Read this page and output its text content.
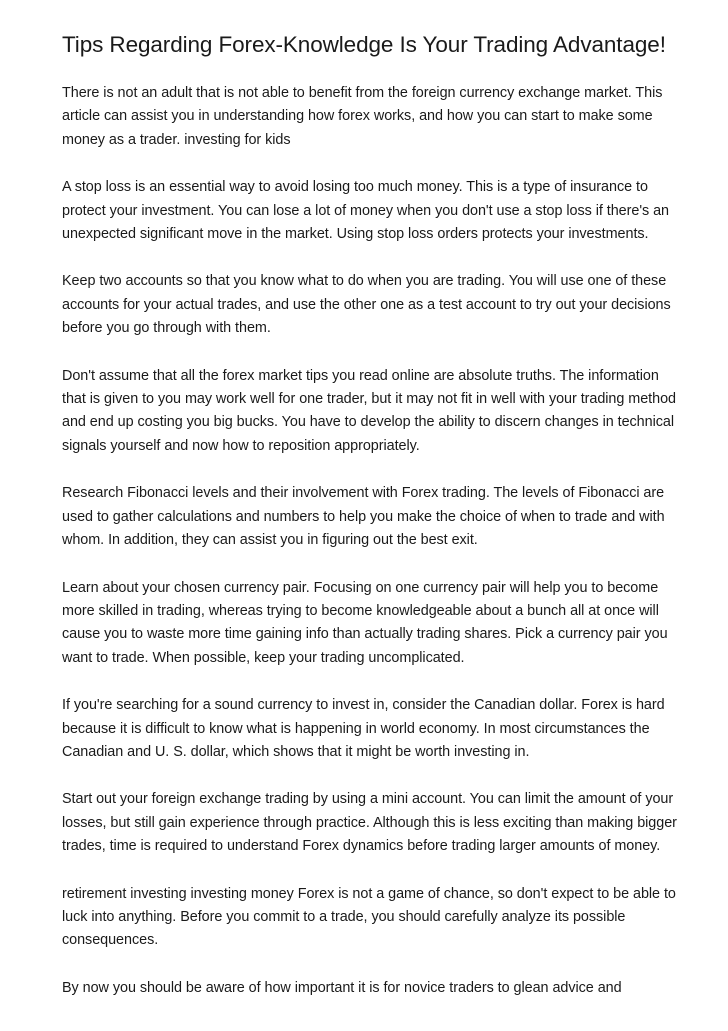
Tips Regarding Forex-Knowledge Is Your Trading Advantage!

There is not an adult that is not able to benefit from the foreign currency exchange market. This article can assist you in understanding how forex works, and how you can start to make some money as a trader. investing for kids

A stop loss is an essential way to avoid losing too much money. This is a type of insurance to protect your investment. You can lose a lot of money when you don't use a stop loss if there's an unexpected significant move in the market. Using stop loss orders protects your investments.

Keep two accounts so that you know what to do when you are trading. You will use one of these accounts for your actual trades, and use the other one as a test account to try out your decisions before you go through with them.

Don't assume that all the forex market tips you read online are absolute truths. The information that is given to you may work well for one trader, but it may not fit in well with your trading method and end up costing you big bucks. You have to develop the ability to discern changes in technical signals yourself and now how to reposition appropriately.

Research Fibonacci levels and their involvement with Forex trading. The levels of Fibonacci are used to gather calculations and numbers to help you make the choice of when to trade and with whom. In addition, they can assist you in figuring out the best exit.

Learn about your chosen currency pair. Focusing on one currency pair will help you to become more skilled in trading, whereas trying to become knowledgeable about a bunch all at once will cause you to waste more time gaining info than actually trading shares. Pick a currency pair you want to trade. When possible, keep your trading uncomplicated.

If you're searching for a sound currency to invest in, consider the Canadian dollar. Forex is hard because it is difficult to know what is happening in world economy. In most circumstances the Canadian and U. S. dollar, which shows that it might be worth investing in.

Start out your foreign exchange trading by using a mini account. You can limit the amount of your losses, but still gain experience through practice. Although this is less exciting than making bigger trades, time is required to understand Forex dynamics before trading larger amounts of money.

retirement investing investing money Forex is not a game of chance, so don't expect to be able to luck into anything. Before you commit to a trade, you should carefully analyze its possible consequences.

By now you should be aware of how important it is for novice traders to glean advice and
